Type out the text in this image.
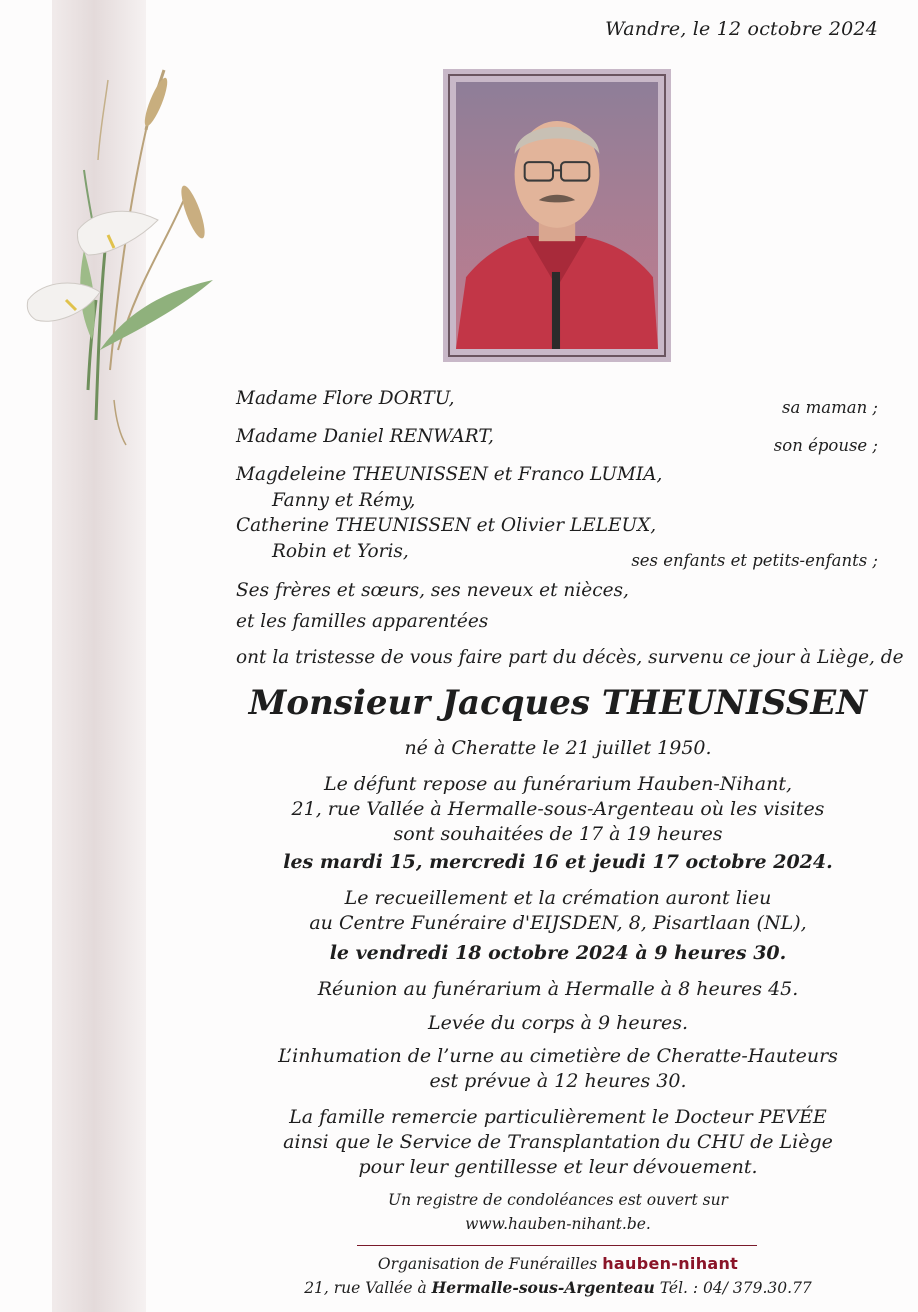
Wandre, le 12 octobre 2024
Madame Flore DORTU,	sa maman ;
Madame Daniel RENWART,	son épouse ;
Magdeleine THEUNISSEN et Franco LUMIA,
Fanny et Rémy,
Catherine THEUNISSEN et Olivier LELEUX,
Robin et Yoris,	ses enfants et petits-enfants ;
Ses frères et sœurs, ses neveux et nièces,
et les familles apparentées
ont la tristesse de vous faire part du décès, survenu ce jour à Liège, de
Monsieur Jacques THEUNISSEN
né à Cheratte le 21 juillet 1950.
Le défunt repose au funérarium Hauben-Nihant,
21, rue Vallée à Hermalle-sous-Argenteau où les visites
sont souhaitées de 17 à 19 heures
les mardi 15, mercredi 16 et jeudi 17 octobre 2024.
Le recueillement et la crémation auront lieu
au Centre Funéraire d'EIJSDEN, 8, Pisartlaan (NL),
le vendredi 18 octobre 2024 à 9 heures 30.
Réunion au funérarium à Hermalle à 8 heures 45.
Levée du corps à 9 heures.
L’inhumation de l’urne au cimetière de Cheratte-Hauteurs
est prévue à 12 heures 30.
La famille remercie particulièrement le Docteur PEVÉE
ainsi que le Service de Transplantation du CHU de Liège
pour leur gentillesse et leur dévouement.
Un registre de condoléances est ouvert sur
www.hauben-nihant.be.
Organisation de Funérailles hauben-nihant
21, rue Vallée à Hermalle-sous-Argenteau Tél. : 04/ 379.30.77
